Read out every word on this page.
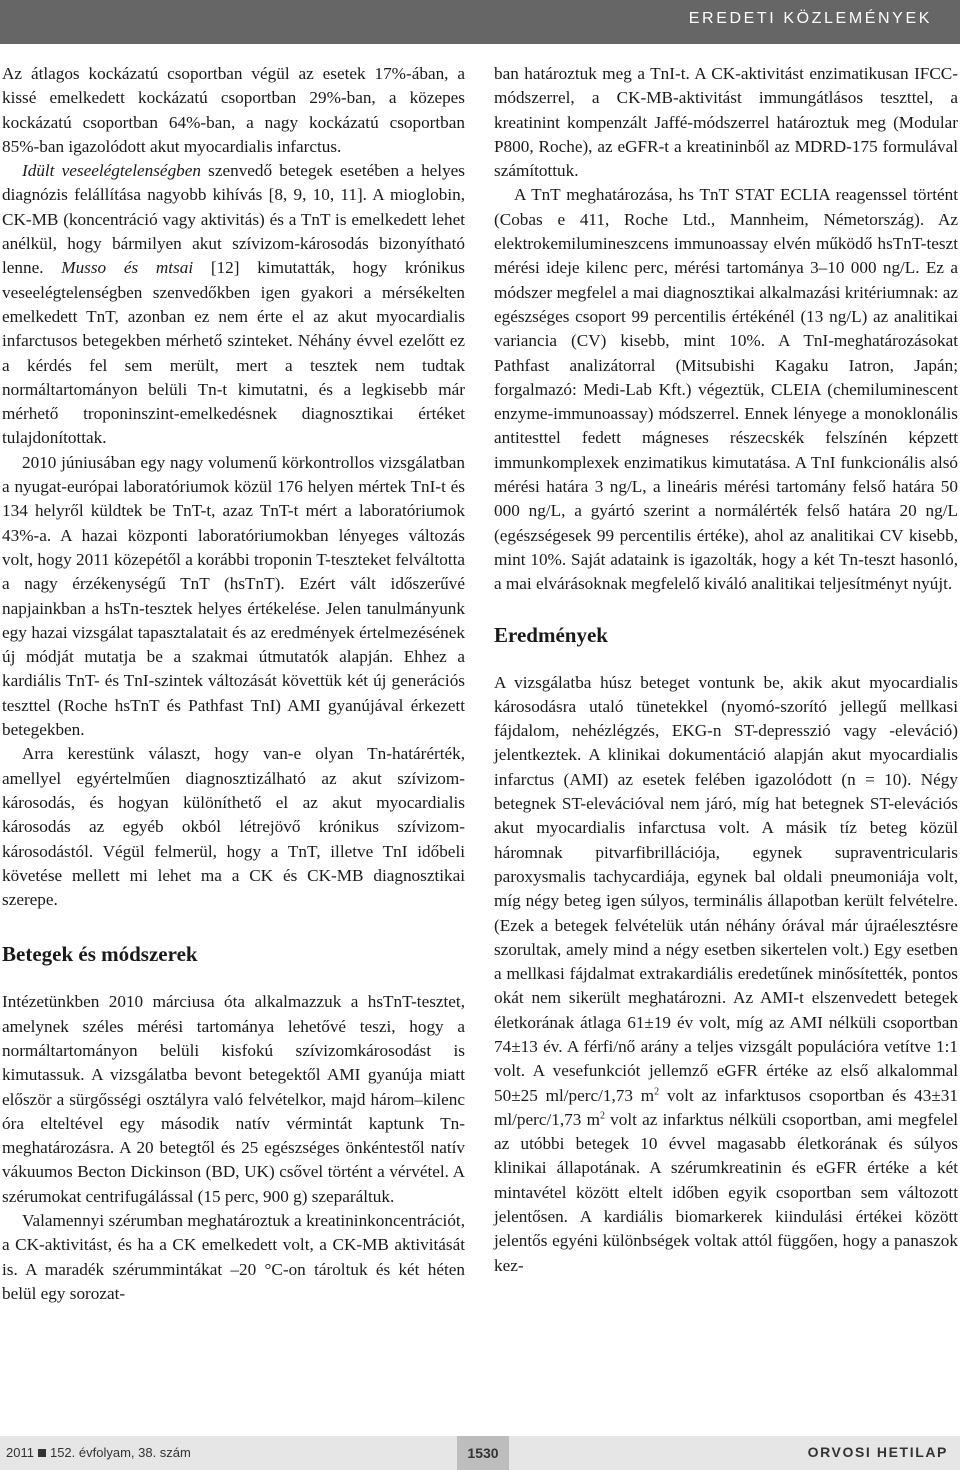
EREDETI KÖZLEMÉNYEK

Az átlagos kockázatú csoportban végül az esetek 17%-ában, a kissé emelkedett kockázatú csoportban 29%-ban, a közepes kockázatú csoportban 64%-ban, a nagy kockázatú csoportban 85%-ban igazolódott akut myocardialis infarctus.

Idült veseelégtelenségben szenvedő betegek esetében a helyes diagnózis felállítása nagyobb kihívás [8, 9, 10, 11]. A mioglobin, CK-MB (koncentráció vagy aktivitás) és a TnT is emelkedett lehet anélkül, hogy bármilyen akut szívizom-károsodás bizonyítható lenne. Musso és mtsai [12] kimutatták, hogy krónikus veseelégtelenségben szenvedőkben igen gyakori a mérsékelten emelkedett TnT, azonban ez nem érte el az akut myocardialis infarctusos betegekben mérhető szinteket. Néhány évvel ezelőtt ez a kérdés fel sem merült, mert a tesztek nem tudtak normáltartományon belüli Tn-t kimutatni, és a legkisebb már mérhető troponinszint-emelkedésnek diagnosztikai értéket tulajdonítottak.

2010 júniusában egy nagy volumenű körkontrollos vizsgálatban a nyugat-európai laboratóriumok közül 176 helyen mértek TnI-t és 134 helyről küldtek be TnT-t, azaz TnT-t mért a laboratóriumok 43%-a. A hazai központi laboratóriumokban lényeges változás volt, hogy 2011 közepétől a korábbi troponin T-teszteket felváltotta a nagy érzékenységű TnT (hsTnT). Ezért vált időszerűvé napjainkban a hsTn-tesztek helyes értékelése. Jelen tanulmányunk egy hazai vizsgálat tapasztalatait és az eredmények értelmezésének új módját mutatja be a szakmai útmutatók alapján. Ehhez a kardiális TnT- és TnI-szintek változását követtük két új generációs teszttel (Roche hsTnT és Pathfast TnI) AMI gyanújával érkezett betegekben.

Arra kerestünk választ, hogy van-e olyan Tn-határérték, amellyel egyértelműen diagnosztizálható az akut szívizom-károsodás, és hogyan különíthető el az akut myocardialis károsodás az egyéb okból létrejövő krónikus szívizom-károsodástól. Végül felmerül, hogy a TnT, illetve TnI időbeli követése mellett mi lehet ma a CK és CK-MB diagnosztikai szerepe.

Betegek és módszerek

Intézetünkben 2010 márciusa óta alkalmazzuk a hsTnT-tesztet, amelynek széles mérési tartománya lehetővé teszi, hogy a normáltartományon belüli kisfokú szívizomkárosodást is kimutassuk. A vizsgálatba bevont betegektől AMI gyanúja miatt először a sürgősségi osztályra való felvételkor, majd három–kilenc óra elteltével egy második natív vérmintát kaptunk Tn-meghatározásra. A 20 betegtől és 25 egészséges önkéntestől natív vákuumos Becton Dickinson (BD, UK) csővel történt a vérvétel. A szérumokat centrifugálással (15 perc, 900 g) szeparáltuk.

Valamennyi szérumban meghatároztuk a kreatininkoncentrációt, a CK-aktivitást, és ha a CK emelkedett volt, a CK-MB aktivitását is. A maradék szérummintákat –20 °C-on tároltuk és két héten belül egy sorozat-

ban határoztuk meg a TnI-t. A CK-aktivitást enzimatikusan IFCC-módszerrel, a CK-MB-aktivitást immungátlásos teszttel, a kreatinint kompenzált Jaffé-módszerrel határoztuk meg (Modular P800, Roche), az eGFR-t a kreatininből az MDRD-175 formulával számítottuk.

A TnT meghatározása, hs TnT STAT ECLIA reagenssel történt (Cobas e 411, Roche Ltd., Mannheim, Németország). Az elektrokemilumineszcens immunoassay elvén működő hsTnT-teszt mérési ideje kilenc perc, mérési tartománya 3–10 000 ng/L. Ez a módszer megfelel a mai diagnosztikai alkalmazási kritériumnak: az egészséges csoport 99 percentilis értékénél (13 ng/L) az analitikai variancia (CV) kisebb, mint 10%. A TnI-meghatározásokat Pathfast analizátorral (Mitsubishi Kagaku Iatron, Japán; forgalmazó: Medi-Lab Kft.) végeztük, CLEIA (chemiluminescent enzyme-immunoassay) módszerrel. Ennek lényege a monoklonális antitesttel fedett mágneses részecskék felszínén képzett immunkomplexek enzimatikus kimutatása. A TnI funkcionális alsó mérési határa 3 ng/L, a lineáris mérési tartomány felső határa 50 000 ng/L, a gyártó szerint a normálérték felső határa 20 ng/L (egészségesek 99 percentilis értéke), ahol az analitikai CV kisebb, mint 10%. Saját adataink is igazolták, hogy a két Tn-teszt hasonló, a mai elvárásoknak megfelelő kiváló analitikai teljesítményt nyújt.

Eredmények

A vizsgálatba húsz beteget vontunk be, akik akut myocardialis károsodásra utaló tünetekkel (nyomó-szorító jellegű mellkasi fájdalom, nehézlégzés, EKG-n ST-depresszió vagy -eleváció) jelentkeztek. A klinikai dokumentáció alapján akut myocardialis infarctus (AMI) az esetek felében igazolódott (n = 10). Négy betegnek ST-elevációval nem járó, míg hat betegnek ST-elevációs akut myocardialis infarctusa volt. A másik tíz beteg közül háromnak pitvarfibrillációja, egynek supraventricularis paroxysmalis tachycardiája, egynek bal oldali pneumoniája volt, míg négy beteg igen súlyos, terminális állapotban került felvételre. (Ezek a betegek felvételük után néhány órával már újraélesztésre szorultak, amely mind a négy esetben sikertelen volt.) Egy esetben a mellkasi fájdalmat extrakardiális eredetűnek minősítették, pontos okát nem sikerült meghatározni. Az AMI-t elszenvedett betegek életkorának átlaga 61±19 év volt, míg az AMI nélküli csoportban 74±13 év. A férfi/nő arány a teljes vizsgált populációra vetítve 1:1 volt. A vesefunkciót jellemző eGFR értéke az első alkalommal 50±25 ml/perc/1,73 $m^2$ volt az infarktusos csoportban és 43±31 ml/perc/1,73 $m^2$ volt az infarktus nélküli csoportban, ami megfelel az utóbbi betegek 10 évvel magasabb életkorának és súlyos klinikai állapotának. A szérumkreatinin és eGFR értéke a két mintavétel között eltelt időben egyik csoportban sem változott jelentősen. A kardiális biomarkerek kiindulási értékei között jelentős egyéni különbségek voltak attól függően, hogy a panaszok kez-

2011 152. évfolyam, 38. szám	ORVOSI HETILAP
1530
